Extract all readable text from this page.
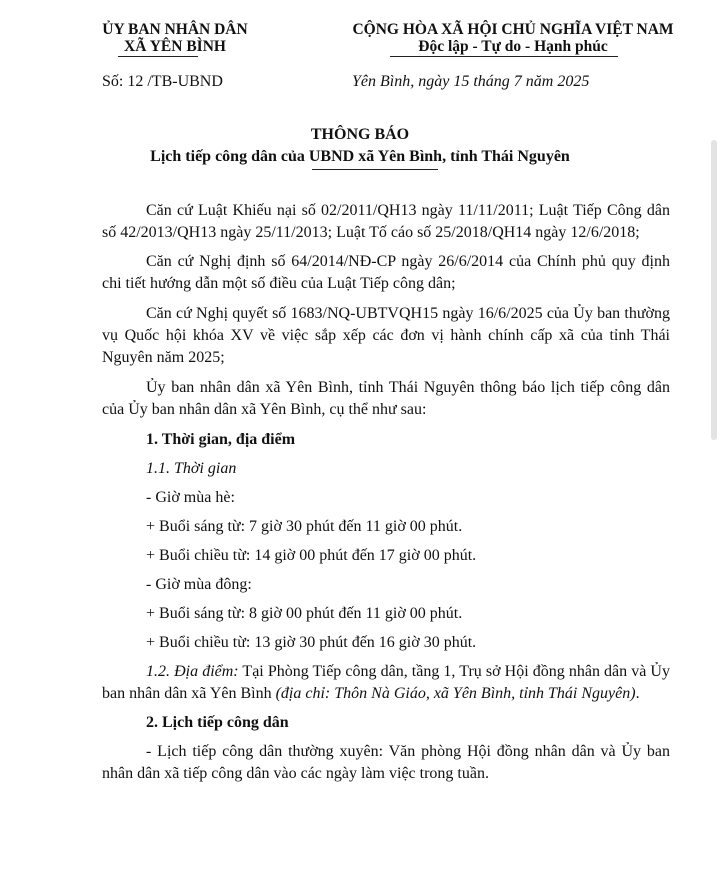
ỦY BAN NHÂN DÂN
XÃ YÊN BÌNH
CỘNG HÒA XÃ HỘI CHỦ NGHĨA VIỆT NAM
Độc lập - Tự do - Hạnh phúc
Số: 12 /TB-UBND	Yên Bình, ngày 15 tháng 7 năm 2025
THÔNG BÁO
Lịch tiếp công dân của UBND xã Yên Bình, tỉnh Thái Nguyên

Căn cứ Luật Khiếu nại số 02/2011/QH13 ngày 11/11/2011; Luật Tiếp Công dân số 42/2013/QH13 ngày 25/11/2013; Luật Tố cáo số 25/2018/QH14 ngày 12/6/2018;

Căn cứ Nghị định số 64/2014/NĐ-CP ngày 26/6/2014 của Chính phủ quy định chi tiết hướng dẫn một số điều của Luật Tiếp công dân;

Căn cứ Nghị quyết số 1683/NQ-UBTVQH15 ngày 16/6/2025 của Ủy ban thường vụ Quốc hội khóa XV về việc sắp xếp các đơn vị hành chính cấp xã của tỉnh Thái Nguyên năm 2025;

Ủy ban nhân dân xã Yên Bình, tỉnh Thái Nguyên thông báo lịch tiếp công dân của Ủy ban nhân dân xã Yên Bình, cụ thể như sau:

1. Thời gian, địa điểm

1.1. Thời gian

- Giờ mùa hè:

+ Buổi sáng từ: 7 giờ 30 phút đến 11 giờ 00 phút.

+ Buổi chiều từ: 14 giờ 00 phút đến 17 giờ 00 phút.

- Giờ mùa đông:

+ Buổi sáng từ: 8 giờ 00 phút đến 11 giờ 00 phút.

+ Buổi chiều từ: 13 giờ 30 phút đến 16 giờ 30 phút.

1.2. Địa điểm: Tại Phòng Tiếp công dân, tầng 1, Trụ sở Hội đồng nhân dân và Ủy ban nhân dân xã Yên Bình (địa chỉ: Thôn Nà Giáo, xã Yên Bình, tỉnh Thái Nguyên).

2. Lịch tiếp công dân

- Lịch tiếp công dân thường xuyên: Văn phòng Hội đồng nhân dân và Ủy ban nhân dân xã tiếp công dân vào các ngày làm việc trong tuần.
